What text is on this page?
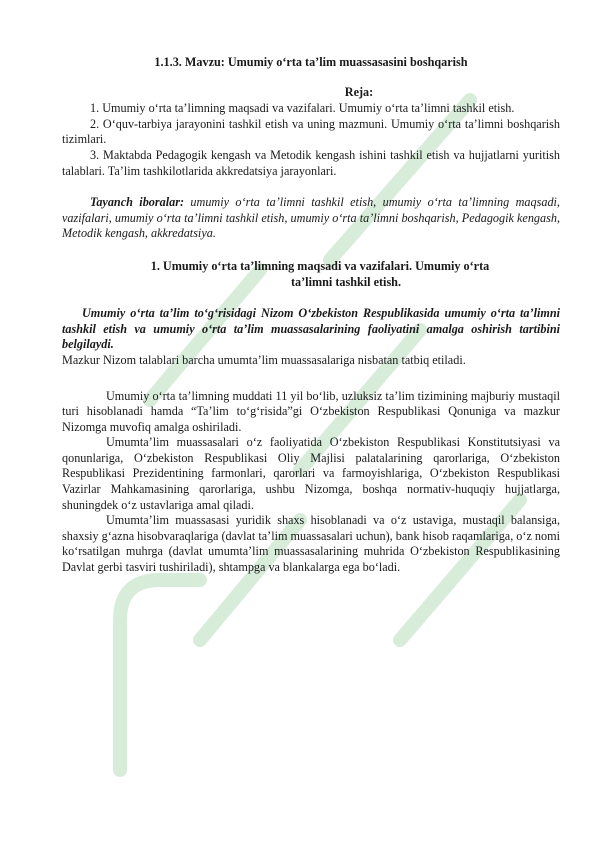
1.1.3. Mavzu: Umumiy o‘rta ta’lim muassasasini boshqarish

Reja:

1. Umumiy o‘rta ta’limning maqsadi va vazifalari. Umumiy o‘rta ta’limni tashkil etish.

2. O‘quv-tarbiya jarayonini tashkil etish va uning mazmuni. Umumiy o‘rta ta’limni boshqarish tizimlari.

3. Maktabda Pedagogik kengash va Metodik kengash ishini tashkil etish va hujjatlarni yuritish talablari. Ta’lim tashkilotlarida akkredatsiya jarayonlari.

Tayanch iboralar: umumiy o‘rta ta’limni tashkil etish, umumiy o‘rta ta’limning maqsadi, vazifalari, umumiy o‘rta ta’limni tashkil etish, umumiy o‘rta ta’limni boshqarish, Pedagogik kengash, Metodik kengash, akkredatsiya.

1. Umumiy o‘rta ta’limning maqsadi va vazifalari. Umumiy o‘rta
ta’limni tashkil etish.

Umumiy o‘rta ta’lim to‘g‘risidagi Nizom O‘zbekiston Respublikasida umumiy o‘rta ta’limni tashkil etish va umumiy o‘rta ta’lim muassasalarining faoliyatini amalga oshirish tartibini belgilaydi.

Mazkur Nizom talablari barcha umumta’lim muassasalariga nisbatan tatbiq etiladi.

Umumiy o‘rta ta’limning muddati 11 yil bo‘lib, uzluksiz ta’lim tizimining majburiy mustaqil turi hisoblanadi hamda “Ta’lim to‘g‘risida”gi O‘zbekiston Respublikasi Qonuniga va mazkur Nizomga muvofiq amalga oshiriladi.

Umumta’lim muassasalari o‘z faoliyatida O‘zbekiston Respublikasi Konstitutsiyasi va qonunlariga, O‘zbekiston Respublikasi Oliy Majlisi palatalarining qarorlariga, O‘zbekiston Respublikasi Prezidentining farmonlari, qarorlari va farmoyishlariga, O‘zbekiston Respublikasi Vazirlar Mahkamasining qarorlariga, ushbu Nizomga, boshqa normativ-huquqiy hujjatlarga, shuningdek o‘z ustavlariga amal qiladi.

Umumta’lim muassasasi yuridik shaxs hisoblanadi va o‘z ustaviga, mustaqil balansiga, shaxsiy g‘azna hisobvaraqlariga (davlat ta’lim muassasalari uchun), bank hisob raqamlariga, o‘z nomi ko‘rsatilgan muhrga (davlat umumta’lim muassasalarining muhrida O‘zbekiston Respublikasining Davlat gerbi tasviri tushiriladi), shtampga va blankalarga ega bo‘ladi.
